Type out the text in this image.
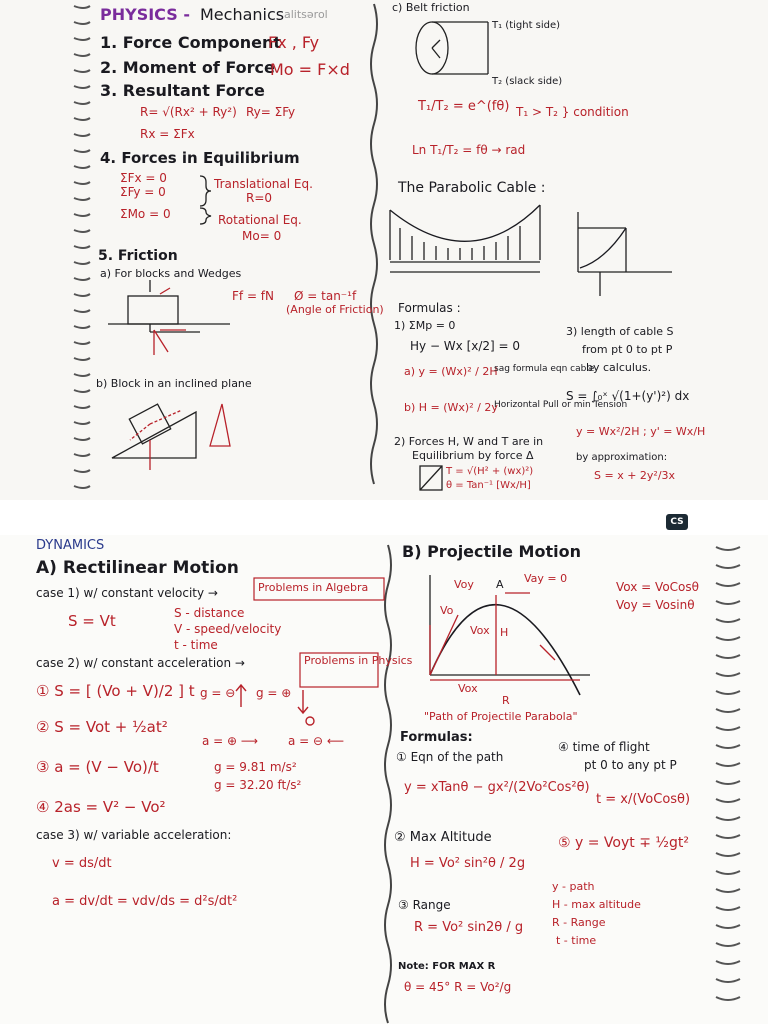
PHYSICS - Mechanics alitsərol
1. Force Component
Fx , Fy
2. Moment of Force
Mo = F×d
3. Resultant Force
R= √(Rx² + Ry²) Ry= ΣFy
Rx = ΣFx
4. Forces in Equilibrium
ΣFx = 0
ΣFy = 0
Translational Eq.
R=0
ΣMo = 0	Rotational Eq.
Mo= 0
5. Friction
a) For blocks and Wedges
Ff = fN Ø = tan⁻¹f
(Angle of Friction)
b) Block in an inclined plane
c) Belt friction
T₁ (tight side)
T₂ (slack side)
T₁/T₂ = e^(fθ) T₁ > T₂ } condition
Ln T₁/T₂ = fθ → rad
The Parabolic Cable :
Formulas :
1) ΣMp = 0
Hy − Wx [x/2] = 0
a) y = (Wx)² / 2H
sag formula eqn cable
b) H = (Wx)² / 2y
Horizontal Pull or min Tension
2) Forces H, W and T are in
Equilibrium by force Δ
T = √(H² + (wx)²)
θ = Tan⁻¹ [Wx/H]
3) length of cable S
from pt 0 to pt P
by calculus.
S = ∫₀ˣ √(1+(y')²) dx
y = Wx²/2H ; y' = Wx/H
by approximation:
S = x + 2y²/3x
CS
DYNAMICS
A) Rectilinear Motion
case 1) w/ constant velocity →	Problems in Algebra
S = Vt	S - distance
V - speed/velocity
t - time
case 2) w/ constant acceleration →	Problems in Physics
① S = [ (Vo + V)/2 ] t g = ⊖ g = ⊕
② S = Vot + ½at²
a = ⊕ ⟶ a = ⊖ ⟵
③ a = (V − Vo)/t	g = 9.81 m/s²
g = 32.20 ft/s²
④ 2as = V² − Vo²
case 3) w/ variable acceleration:
v = ds/dt
a = dv/dt = vdv/ds = d²s/dt²
B) Projectile Motion
Voy	Vay = 0
A
Vo
Vox H
Vox
R
Vox = VoCosθ
Voy = Vosinθ
"Path of Projectile Parabola"
Formulas:
① Eqn of the path
y = xTanθ − gx²/(2Vo²Cos²θ)
④ time of flight
pt 0 to any pt P
t = x/(VoCosθ)
② Max Altitude
H = Vo² sin²θ / 2g
⑤ y = Voyt ∓ ½gt²
③ Range
R = Vo² sin2θ / g
y - path
H - max altitude
R - Range
t - time
Note: FOR MAX R
θ = 45° R = Vo²/g
